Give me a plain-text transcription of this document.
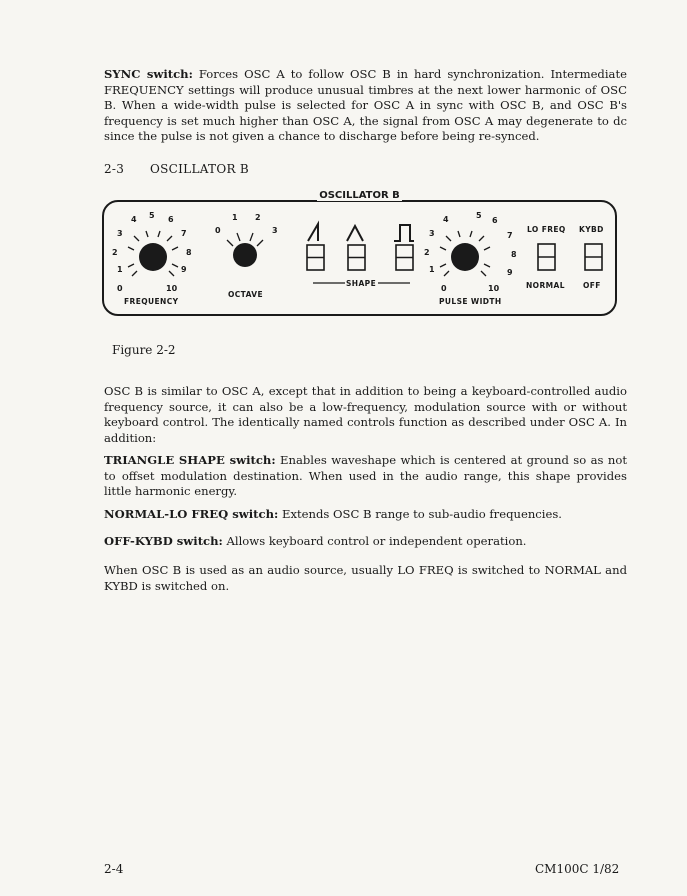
SYNC switch: Forces OSC A to follow OSC B in hard synchronization. Intermediate FREQUENCY settings will produce unusual timbres at the next lower harmonic of OSC B. When a wide-width pulse is selected for OSC A in sync with OSC B, and OSC B's frequency is set much higher than OSC A, the signal from OSC A may degenerate to dc since the pulse is not given a chance to discharge before being re-synced.

2-3 OSCILLATOR B
OSCILLATOR B
0
1
2
3
4 5 6
7
8
9
10
FREQUENCY
0
1 2
3
OCTAVE
SHAPE
0
1
2
3
4	5
6
7
8
9
10
PULSE WIDTH
LO FREQ KYBD
NORMAL OFF
Figure 2-2

OSC B is similar to OSC A, except that in addition to being a keyboard-controlled audio frequency source, it can also be a low-frequency, modulation source with or without keyboard control. The identically named controls function as described under OSC A. In addition:

TRIANGLE SHAPE switch: Enables waveshape which is centered at ground so as not to offset modulation destination. When used in the audio range, this shape provides little harmonic energy.

NORMAL-LO FREQ switch: Extends OSC B range to sub-audio frequencies.

OFF-KYBD switch: Allows keyboard control or independent operation.

When OSC B is used as an audio source, usually LO FREQ is switched to NORMAL and KYBD is switched on.

2-4	CM100C 1/82
